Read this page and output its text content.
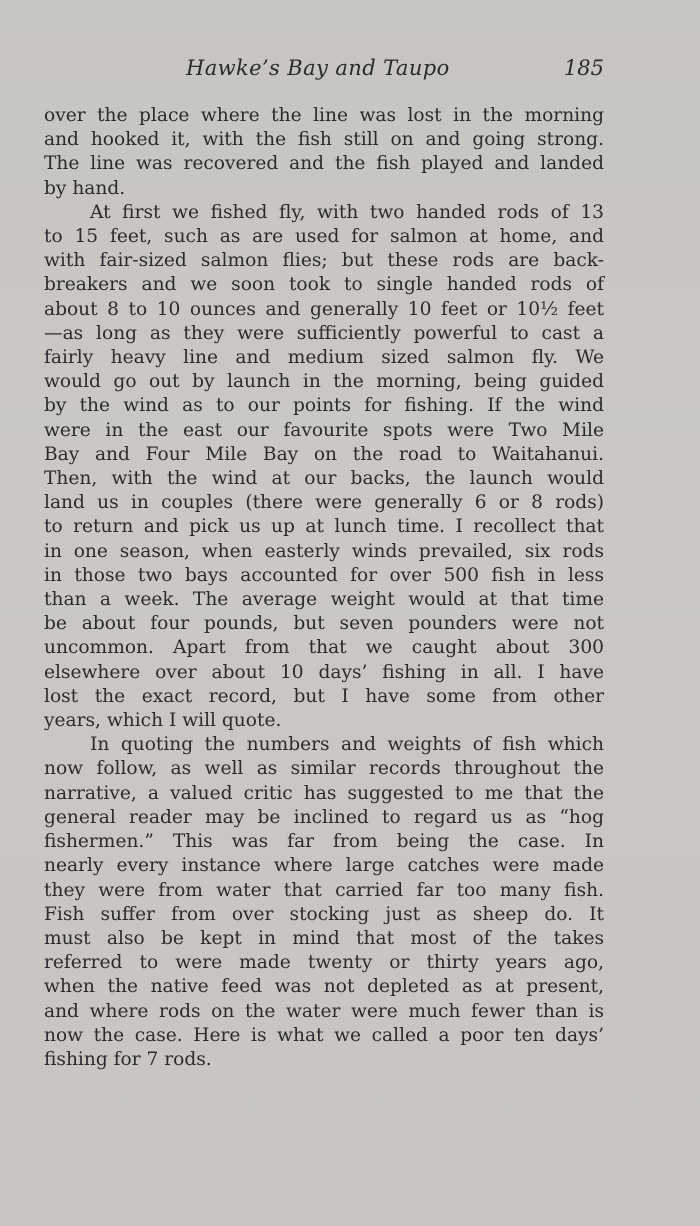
Hawke’s Bay and Taupo	185
over the place where the line was lost in the morning
and hooked it, with the fish still on and going strong.
The line was recovered and the fish played and landed
by hand.
At first we fished fly, with two handed rods of 13
to 15 feet, such as are used for salmon at home, and
with fair-sized salmon flies; but these rods are back-
breakers and we soon took to single handed rods of
about 8 to 10 ounces and generally 10 feet or 10½ feet
—as long as they were sufficiently powerful to cast a
fairly heavy line and medium sized salmon fly. We
would go out by launch in the morning, being guided
by the wind as to our points for fishing. If the wind
were in the east our favourite spots were Two Mile
Bay and Four Mile Bay on the road to Waitahanui.
Then, with the wind at our backs, the launch would
land us in couples (there were generally 6 or 8 rods)
to return and pick us up at lunch time. I recollect that
in one season, when easterly winds prevailed, six rods
in those two bays accounted for over 500 fish in less
than a week. The average weight would at that time
be about four pounds, but seven pounders were not
uncommon. Apart from that we caught about 300
elsewhere over about 10 days’ fishing in all. I have
lost the exact record, but I have some from other
years, which I will quote.
In quoting the numbers and weights of fish which
now follow, as well as similar records throughout the
narrative, a valued critic has suggested to me that the
general reader may be inclined to regard us as “hog
fishermen.” This was far from being the case. In
nearly every instance where large catches were made
they were from water that carried far too many fish.
Fish suffer from over stocking just as sheep do. It
must also be kept in mind that most of the takes
referred to were made twenty or thirty years ago,
when the native feed was not depleted as at present,
and where rods on the water were much fewer than is
now the case. Here is what we called a poor ten days’
fishing for 7 rods.
